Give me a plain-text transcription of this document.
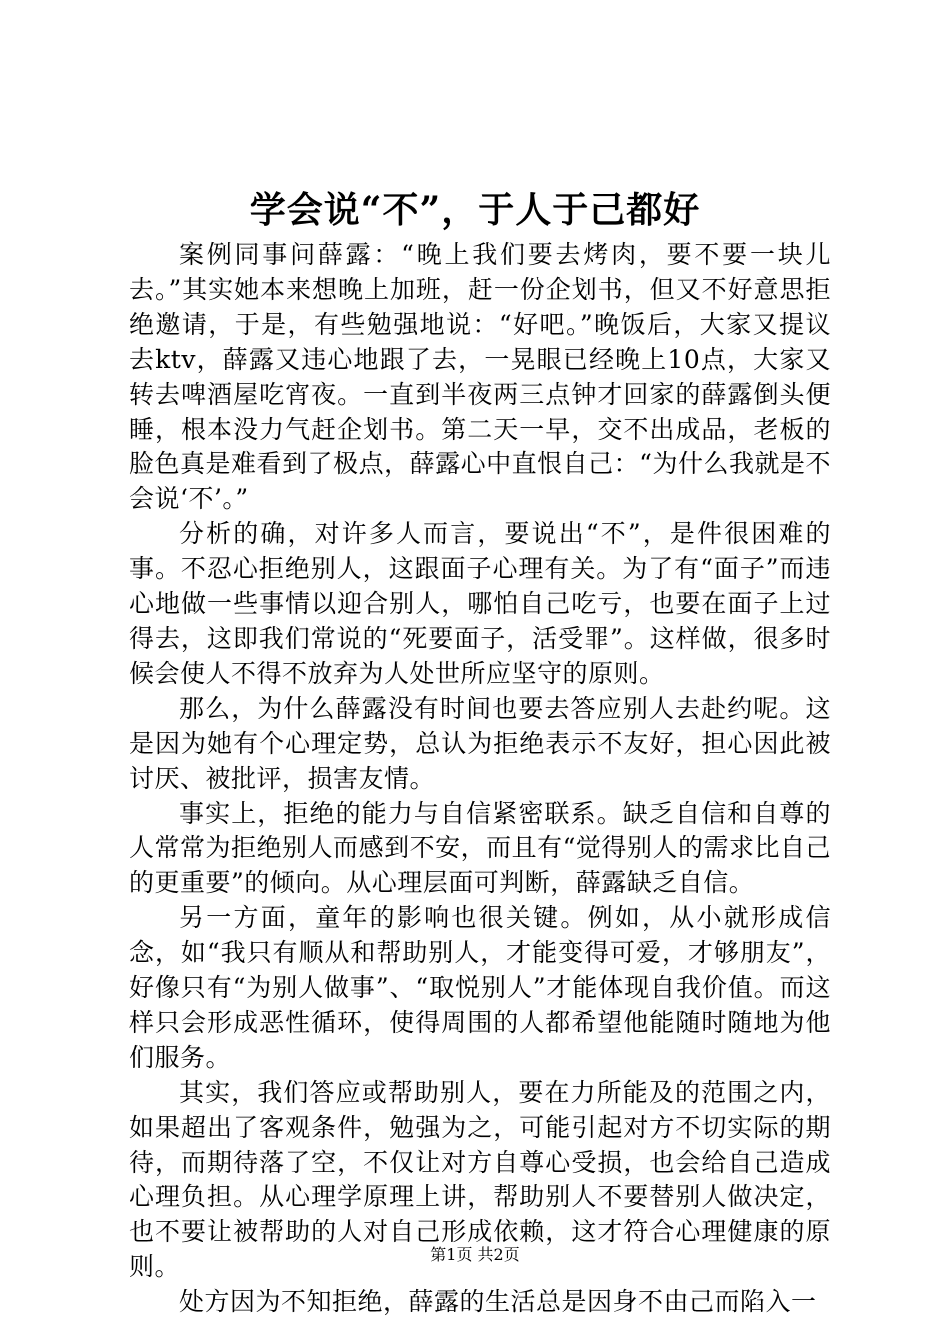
学会说“不”，于人于己都好

案例同事问薛露：“晚上我们要去烤肉，要不要一块儿去。”其实她本来想晚上加班，赶一份企划书，但又不好意思拒绝邀请，于是，有些勉强地说：“好吧。”晚饭后，大家又提议去ktv，薛露又违心地跟了去，一晃眼已经晚上10点，大家又转去啤酒屋吃宵夜。一直到半夜两三点钟才回家的薛露倒头便睡，根本没力气赶企划书。第二天一早，交不出成品，老板的脸色真是难看到了极点，薛露心中直恨自己：“为什么我就是不会说‘不’。”

分析的确，对许多人而言，要说出“不”，是件很困难的事。不忍心拒绝别人，这跟面子心理有关。为了有“面子”而违心地做一些事情以迎合别人，哪怕自己吃亏，也要在面子上过得去，这即我们常说的“死要面子，活受罪”。这样做，很多时候会使人不得不放弃为人处世所应坚守的原则。

那么，为什么薛露没有时间也要去答应别人去赴约呢。这是因为她有个心理定势，总认为拒绝表示不友好，担心因此被讨厌、被批评，损害友情。

事实上，拒绝的能力与自信紧密联系。缺乏自信和自尊的人常常为拒绝别人而感到不安，而且有“觉得别人的需求比自己的更重要”的倾向。从心理层面可判断，薛露缺乏自信。

另一方面，童年的影响也很关键。例如，从小就形成信念，如“我只有顺从和帮助别人，才能变得可爱，才够朋友”，好像只有“为别人做事”、“取悦别人”才能体现自我价值。而这样只会形成恶性循环，使得周围的人都希望他能随时随地为他们服务。

其实，我们答应或帮助别人，要在力所能及的范围之内，如果超出了客观条件，勉强为之，可能引起对方不切实际的期待，而期待落了空，不仅让对方自尊心受损，也会给自己造成心理负担。从心理学原理上讲，帮助别人不要替别人做决定，也不要让被帮助的人对自己形成依赖，这才符合心理健康的原则。

处方因为不知拒绝，薛露的生活总是因身不由己而陷入一

第1页 共2页
